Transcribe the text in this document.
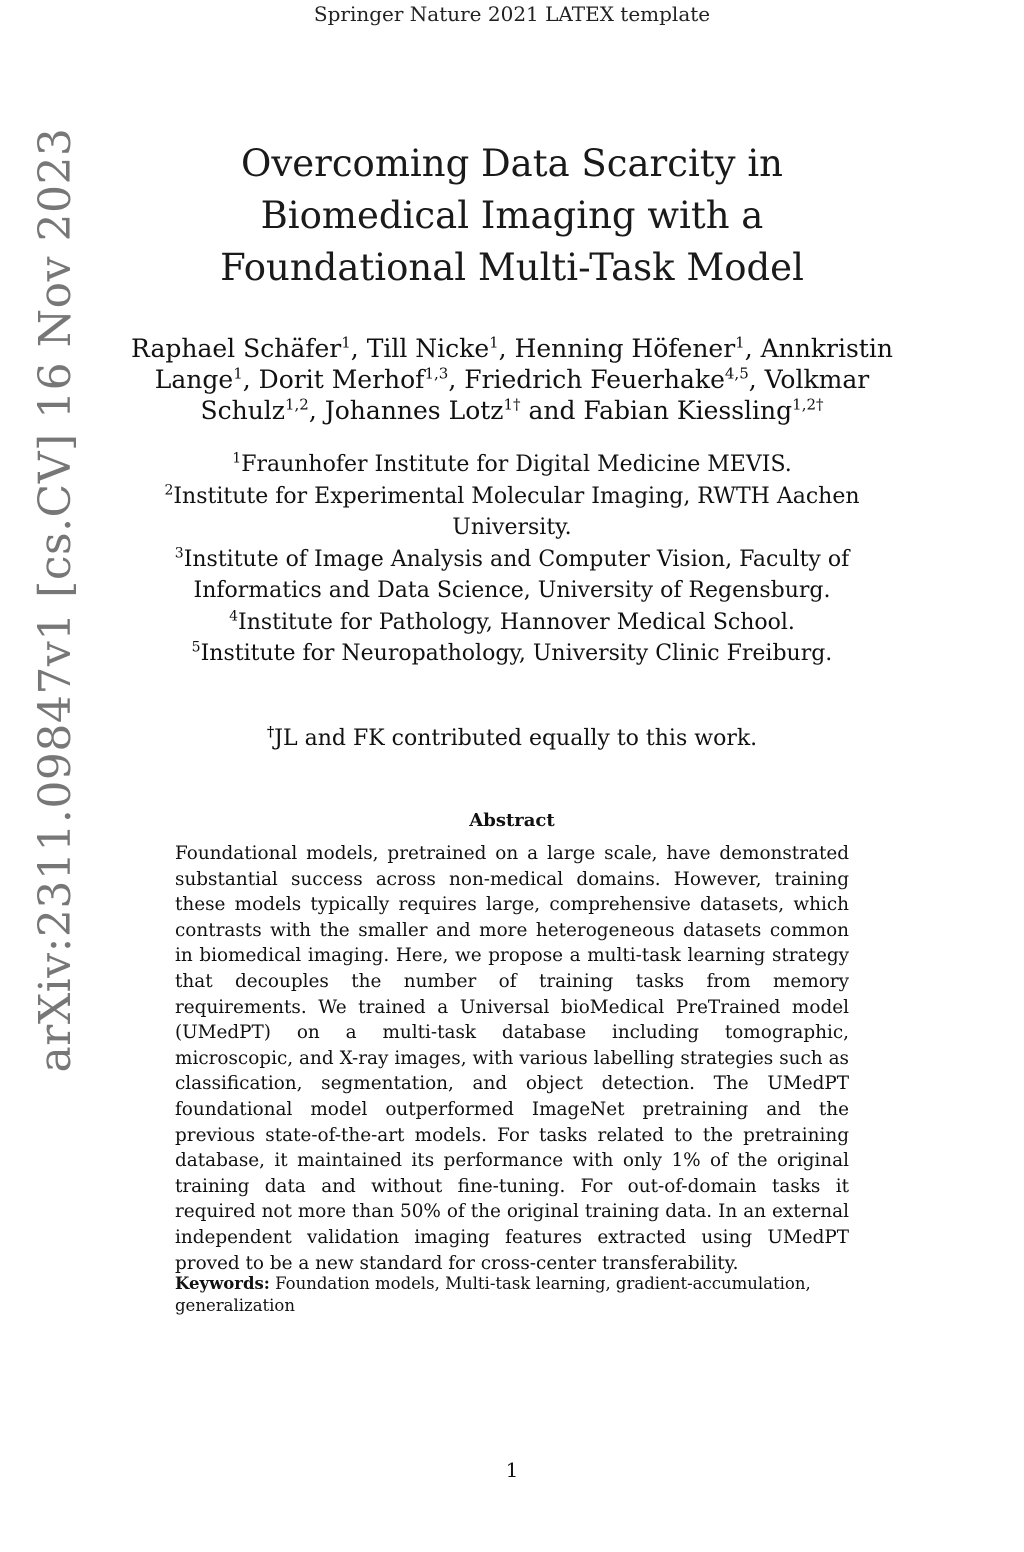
Springer Nature 2021 LATEX template
arXiv:2311.09847v1 [cs.CV] 16 Nov 2023	Overcoming Data Scarcity in Biomedical Imaging with a Foundational Multi-Task Model
Raphael Schäfer$^1$, Till Nicke$^1$, Henning Höfener$^1$, Annkristin Lange$^1$, Dorit Merhof$^{1,3}$, Friedrich Feuerhake$^{4,5}$, Volkmar Schulz$^{1,2}$, Johannes Lotz$^{1\dagger}$ and Fabian Kiessling$^{1,2\dagger}$
$^1$Fraunhofer Institute for Digital Medicine MEVIS.
$^2$Institute for Experimental Molecular Imaging, RWTH Aachen University.
$^3$Institute of Image Analysis and Computer Vision, Faculty of Informatics and Data Science, University of Regensburg.
$^4$Institute for Pathology, Hannover Medical School.
$^5$Institute for Neuropathology, University Clinic Freiburg.
†JL and FK contributed equally to this work.
Abstract
Foundational models, pretrained on a large scale, have demonstrated substantial success across non-medical domains. However, training these models typically requires large, comprehensive datasets, which contrasts with the smaller and more heterogeneous datasets common in biomedical imaging. Here, we propose a multi-task learning strategy that decouples the number of training tasks from memory requirements. We trained a Universal bioMedical PreTrained model (UMedPT) on a multi-task database including tomographic, microscopic, and X-ray images, with various labelling strategies such as classification, segmentation, and object detection. The UMedPT foundational model outperformed ImageNet pretraining and the previous state-of-the-art models. For tasks related to the pretraining database, it maintained its performance with only 1% of the original training data and without fine-tuning. For out-of-domain tasks it required not more than 50% of the original training data. In an external independent validation imaging features extracted using UMedPT proved to be a new standard for cross-center transferability.
Keywords: Foundation models, Multi-task learning, gradient-accumulation, generalization
1
